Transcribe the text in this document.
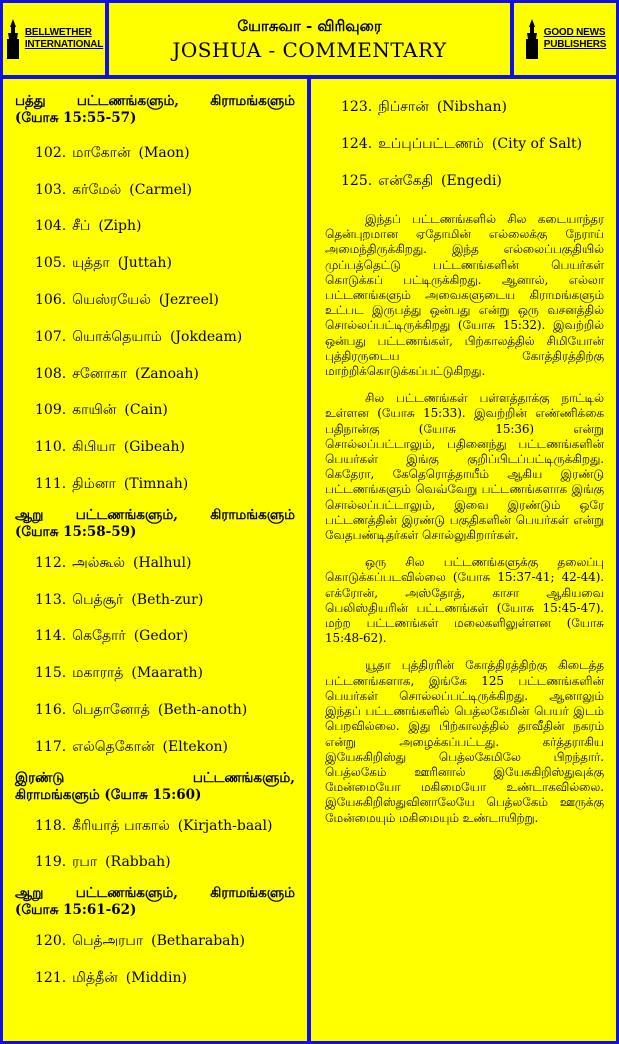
BELLWETHER
INTERNATIONAL
யோசுவா - விரிவுரை
JOSHUA - COMMENTARY
GOOD NEWS
PUBLISHERS

பத்து பட்டணங்களும், கிராமங்களும்

(யோசு 15:55-57)

102. மாகோன் (Maon)

103. கர்மேல் (Carmel)

104. சீப் (Ziph)

105. யுத்தா (Juttah)

106. யெஸ்ரயேல் (Jezreel)

107. யொக்தெயாம் (Jokdeam)

108. சனோகா (Zanoah)

109. காயின் (Cain)

110. கிபியா (Gibeah)

111. திம்னா (Timnah)

ஆறு பட்டணங்களும், கிராமங்களும்

(யோசு 15:58-59)

112. அல்கூல் (Halhul)

113. பெத்சூர் (Beth-zur)

114. கெதோர் (Gedor)

115. மகாராத் (Maarath)

116. பெதானோத் (Beth-anoth)

117. எல்தெகோன் (Eltekon)

இரண்டு பட்டணங்களும்,

கிராமங்களும் (யோசு 15:60)

118. கீரியாத் பாகால் (Kirjath-baal)

119. ரபா (Rabbah)

ஆறு பட்டணங்களும், கிராமங்களும்

(யோசு 15:61-62)

120. பெத்அரபா (Betharabah)

121. மித்தீன் (Middin)

123. நிப்சான் (Nibshan)

124. உப்புப்பட்டணம் (City of Salt)

125. என்கேதி (Engedi)

இந்தப் பட்டணங்களில் சில கடையாந்தர தென்புறமான ஏதோமின் எல்லைக்கு நேராய் அமைந்திருக்கிறது. இந்த எல்லைப்பகுதியில் முப்பத்தெட்டு பட்டணங்களின் பெயர்கள் கொடுக்கப் பட்டிருக்கிறது. ஆனால், எல்லா பட்டணங்களும் அவைகளுடைய கிராமங்களும் உட்பட இருபத்து ஒன்பது என்று ஒரு வசனத்தில் சொல்லப்பட்டிருக்கிறது (யோசு 15:32). இவற்றில் ஒன்பது பட்டணங்கள், பிற்காலத்தில் சிமியோன் புத்திரருடைய கோத்திரத்திற்கு மாற்றிக்கொடுக்கப்பட்டுகிறது.

சில பட்டணங்கள் பள்ளத்தாக்கு நாட்டில் உள்ளன (யோசு 15:33). இவற்றின் எண்ணிக்கை பதிநான்கு (யோசு 15:36) என்று சொல்லப்பட்டாலும், பதினைந்து பட்டணங்களின் பெயர்கள் இங்கு குறிப்பிடப்பட்டிருக்கிறது. கெதேரா, கேதெரொத்தாயீம் ஆகிய இரண்டு பட்டணங்களும் வெவ்வேறு பட்டணங்களாக இங்கு சொல்லப்பட்டாலும், இவை இரண்டும் ஒரே பட்டணத்தின் இரண்டு பகுதிகளின் பெயர்கள் என்று வேதபண்டிதர்கள் சொல்லுகிறார்கள்.

ஒரு சில பட்டணங்களுக்கு தலைப்பு கொடுக்கப்படவில்லை (யோசு 15:37-41; 42-44). எக்ரோன், அஸ்தோத், காசா ஆகியவை பெலிஸ்தியரின் பட்டணங்கள் (யோசு 15:45-47). மற்ற பட்டணங்கள் மலைகளிலுள்ளன (யோசு 15:48-62).

யூதா புத்திரரின் கோத்திரத்திற்கு கிடைத்த பட்டணங்களாக, இங்கே 125 பட்டணங்களின் பெயர்கள் சொல்லப்பட்டிருக்கிறது. ஆனாலும் இந்தப் பட்டணங்களில் பெத்லகேமின் பெயர் இடம் பெறவில்லை. இது பிற்காலத்தில் தாவீதின் நகரம் என்று அழைக்கப்பட்டது. கர்த்தராகிய இயேசுகிறிஸ்து பெத்லகேமிலே பிறந்தார். பெத்லகேம் ஊரினால் இயேசுகிறிஸ்துவுக்கு மேன்மையோ மகிமையோ உண்டாகவில்லை. இயேசுகிறிஸ்துவினாலேயே பெத்லகேம் ஊருக்கு மேன்மையும் மகிமையும் உண்டாயிற்று.
